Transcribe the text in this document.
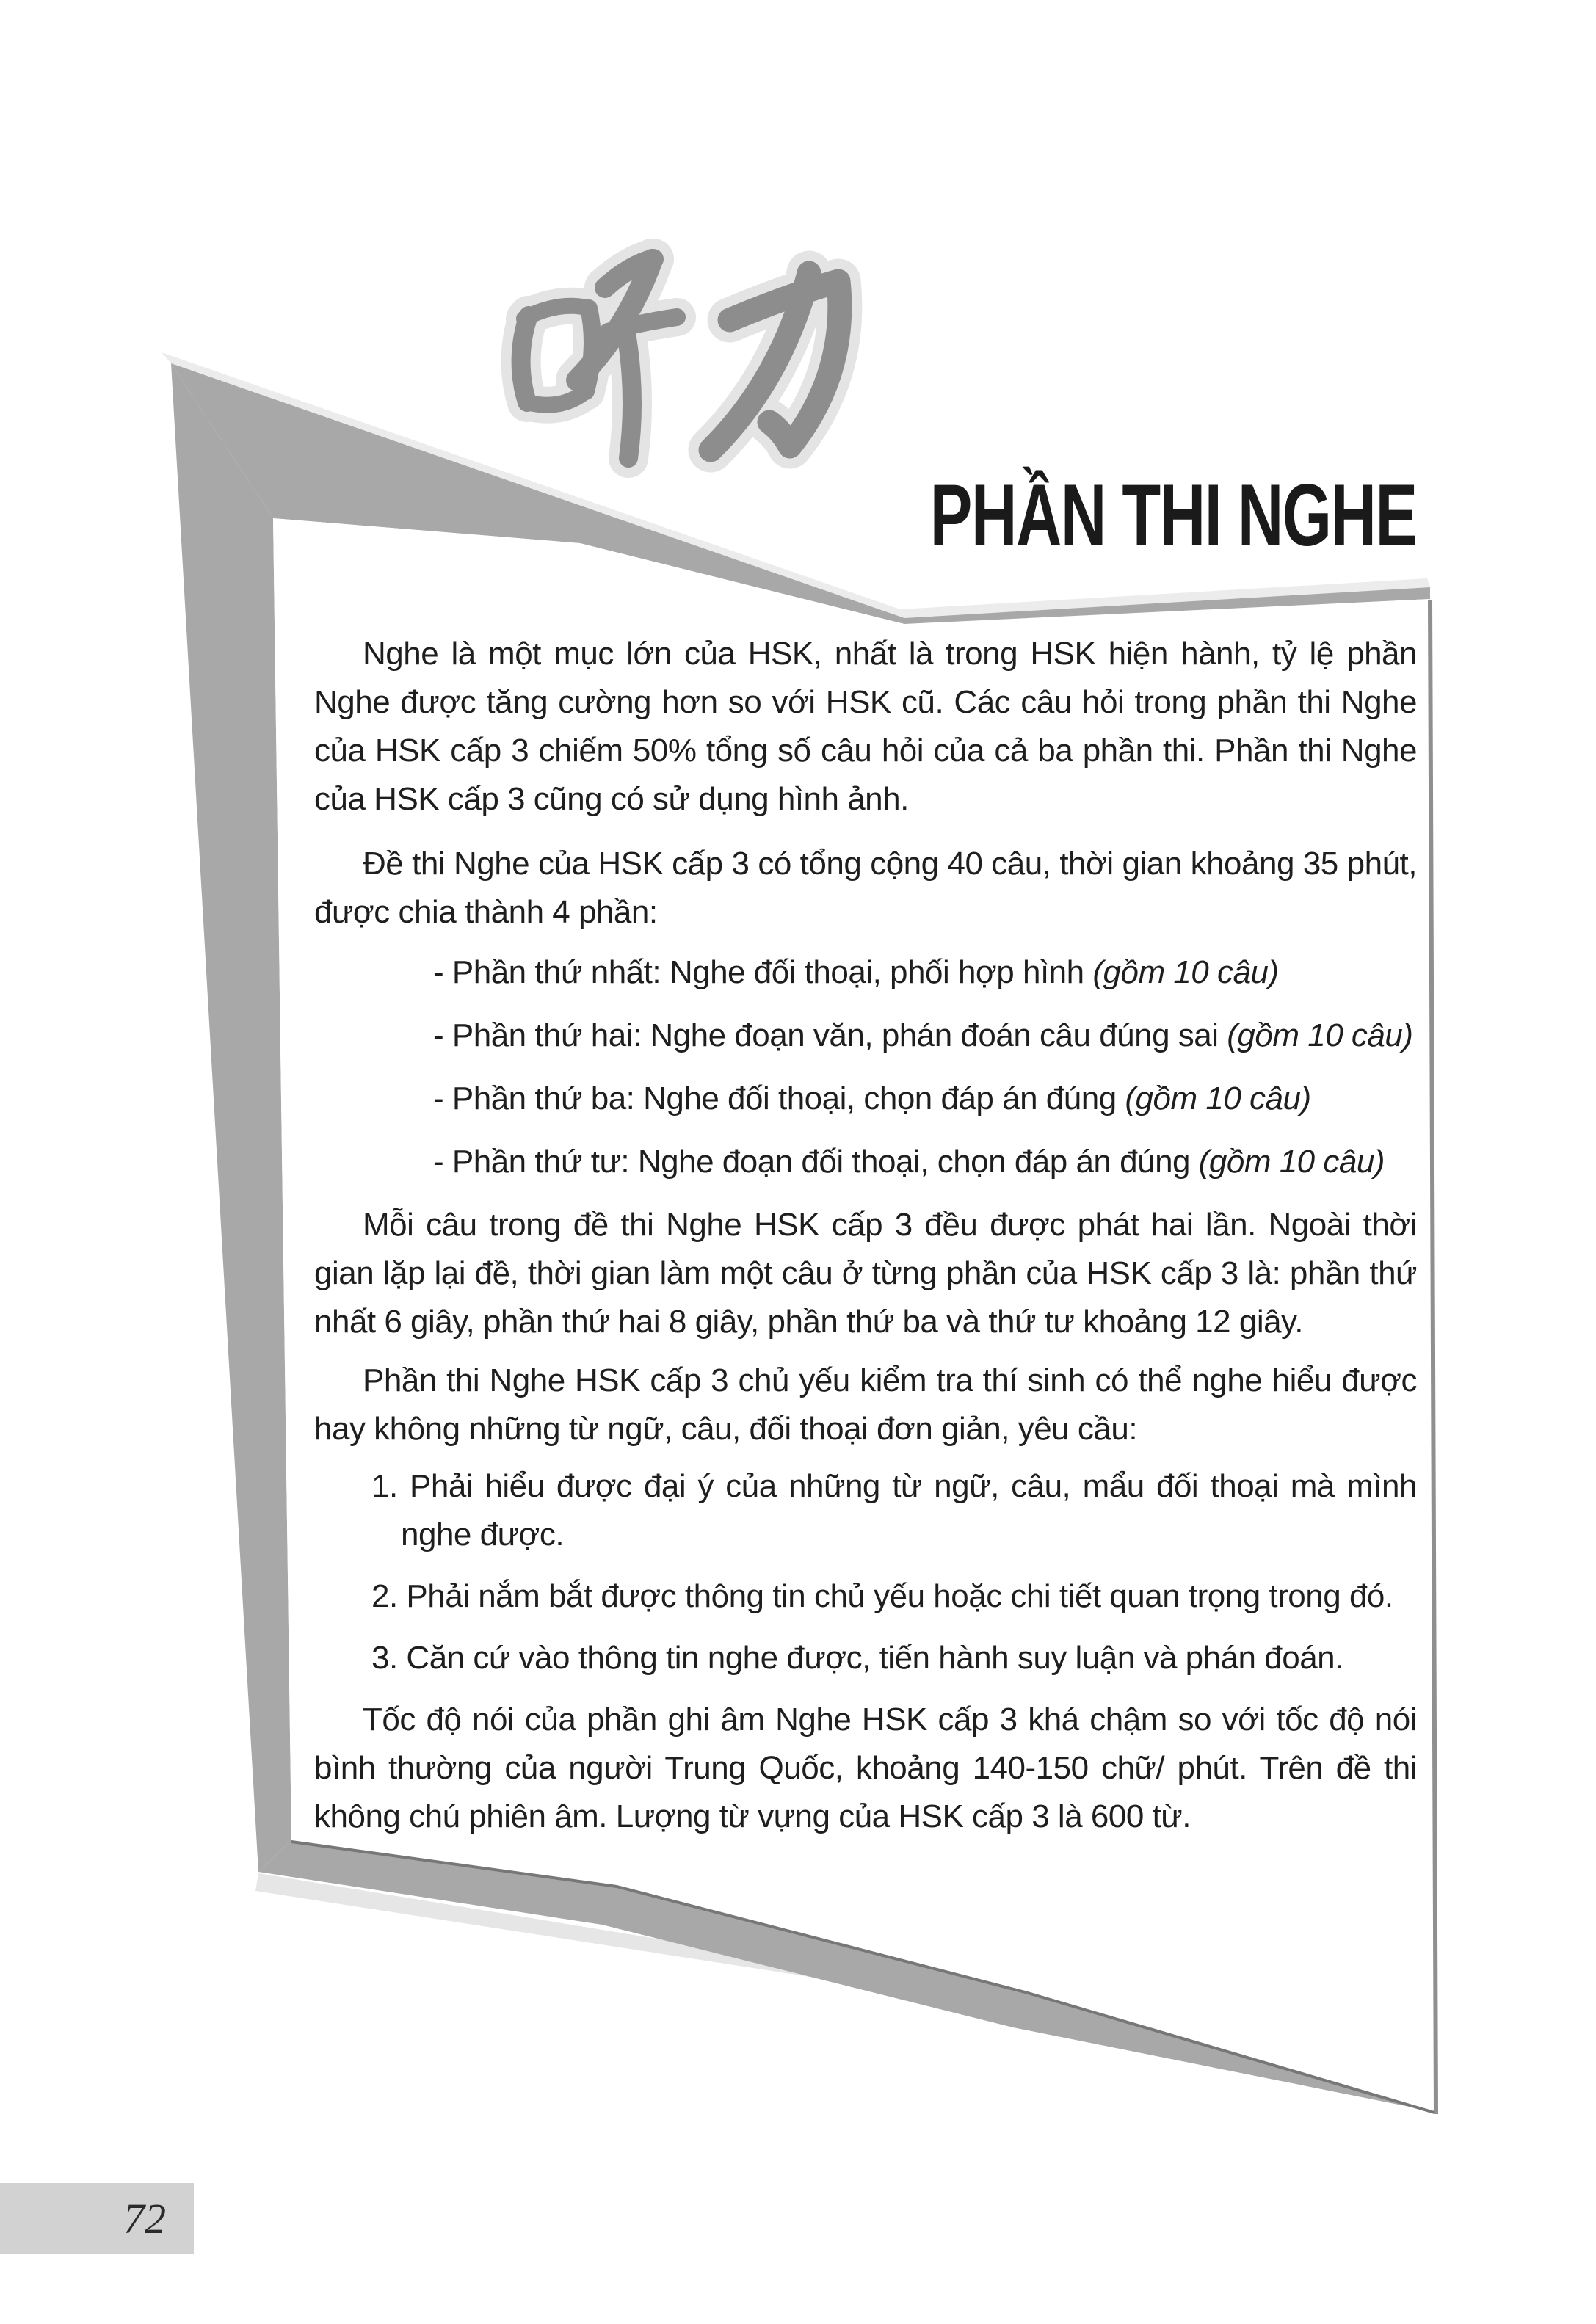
PHẦN THI NGHE

Nghe là một mục lớn của HSK, nhất là trong HSK hiện hành, tỷ lệ phần Nghe được tăng cường hơn so với HSK cũ. Các câu hỏi trong phần thi Nghe của HSK cấp 3 chiếm 50% tổng số câu hỏi của cả ba phần thi. Phần thi Nghe của HSK cấp 3 cũng có sử dụng hình ảnh.

Đề thi Nghe của HSK cấp 3 có tổng cộng 40 câu, thời gian khoảng 35 phút, được chia thành 4 phần:

- Phần thứ nhất: Nghe đối thoại, phối hợp hình (gồm 10 câu)

- Phần thứ hai: Nghe đoạn văn, phán đoán câu đúng sai (gồm 10 câu)

- Phần thứ ba: Nghe đối thoại, chọn đáp án đúng (gồm 10 câu)

- Phần thứ tư: Nghe đoạn đối thoại, chọn đáp án đúng (gồm 10 câu)

Mỗi câu trong đề thi Nghe HSK cấp 3 đều được phát hai lần. Ngoài thời gian lặp lại đề, thời gian làm một câu ở từng phần của HSK cấp 3 là: phần thứ nhất 6 giây, phần thứ hai 8 giây, phần thứ ba và thứ tư khoảng 12 giây.

Phần thi Nghe HSK cấp 3 chủ yếu kiểm tra thí sinh có thể nghe hiểu được hay không những từ ngữ, câu, đối thoại đơn giản, yêu cầu:

1. Phải hiểu được đại ý của những từ ngữ, câu, mẩu đối thoại mà mình nghe được.

2. Phải nắm bắt được thông tin chủ yếu hoặc chi tiết quan trọng trong đó.

3. Căn cứ vào thông tin nghe được, tiến hành suy luận và phán đoán.

Tốc độ nói của phần ghi âm Nghe HSK cấp 3 khá chậm so với tốc độ nói bình thường của người Trung Quốc, khoảng 140-150 chữ/ phút. Trên đề thi không chú phiên âm. Lượng từ vựng của HSK cấp 3 là 600 từ.

72
